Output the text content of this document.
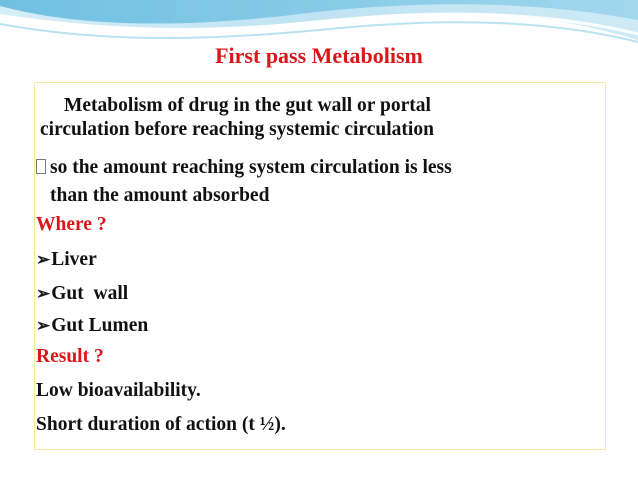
First pass Metabolism
Metabolism of drug in the gut wall or portal
circulation before reaching systemic circulation
so the amount reaching system circulation is less
than the amount absorbed
Where ?
➢Liver
➢Gut  wall
➢Gut Lumen
Result ?
Low bioavailability.
Short duration of action (t ½).
